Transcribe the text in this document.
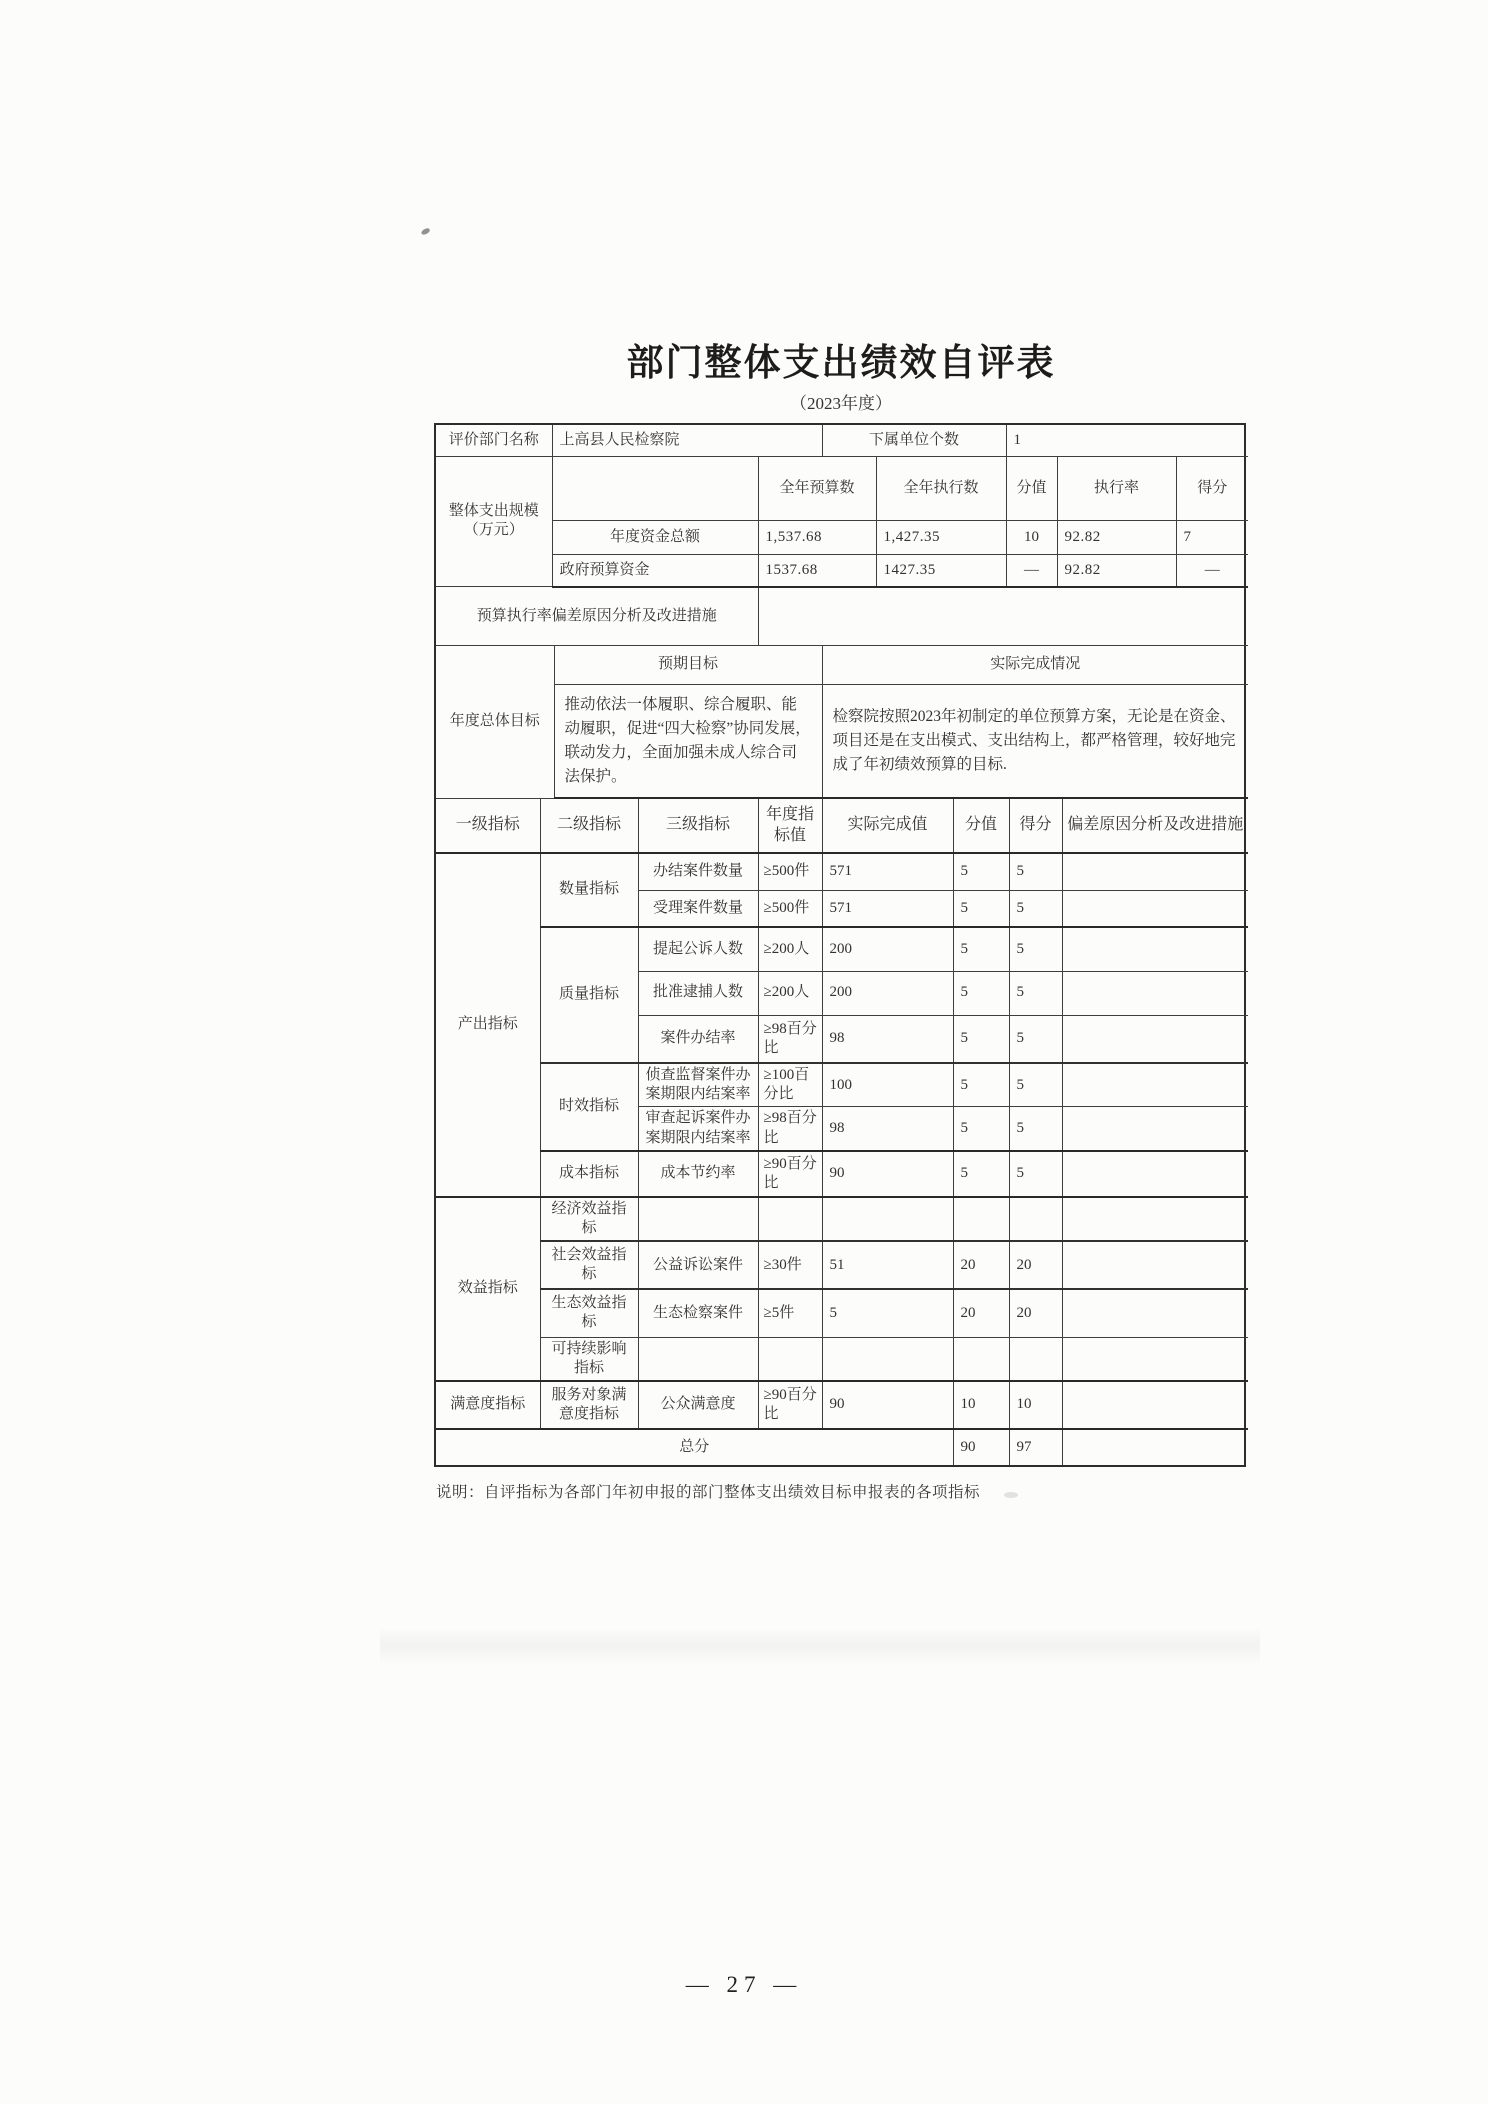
部门整体支出绩效自评表
（2023年度）
评价部门名称	上高县人民检察院	下属单位个数	1
整体支出规模（万元）		全年预算数	全年执行数	分值	执行率	得分
	年度资金总额	1,537.68	1,427.35	10	92.82	7
	政府预算资金	1537.68	1427.35	—	92.82	—
预算执行率偏差原因分析及改进措施	
年度总体目标	预期目标	实际完成情况
	推动依法一体履职、综合履职、能动履职，促进“四大检察”协同发展，联动发力，全面加强未成人综合司法保护。	检察院按照2023年初制定的单位预算方案，无论是在资金、项目还是在支出模式、支出结构上，都严格管理，较好地完成了年初绩效预算的目标.
一级指标	二级指标	三级指标	年度指标值	实际完成值	分值	得分	偏差原因分析及改进措施
产出指标	数量指标	办结案件数量	≥500件	571	5	5	
		受理案件数量	≥500件	571	5	5	
	质量指标	提起公诉人数	≥200人	200	5	5	
		批准逮捕人数	≥200人	200	5	5	
		案件办结率	≥98百分比	98	5	5	
	时效指标	侦查监督案件办案期限内结案率	≥100百分比	100	5	5	
		审查起诉案件办案期限内结案率	≥98百分比	98	5	5	
	成本指标	成本节约率	≥90百分比	90	5	5	
效益指标	经济效益指标						
	社会效益指标	公益诉讼案件	≥30件	51	20	20	
	生态效益指标	生态检察案件	≥5件	5	20	20	
	可持续影响指标						
满意度指标	服务对象满意度指标	公众满意度	≥90百分比	90	10	10	
总分					90	97	
说明：自评指标为各部门年初申报的部门整体支出绩效目标申报表的各项指标
— 27 —
